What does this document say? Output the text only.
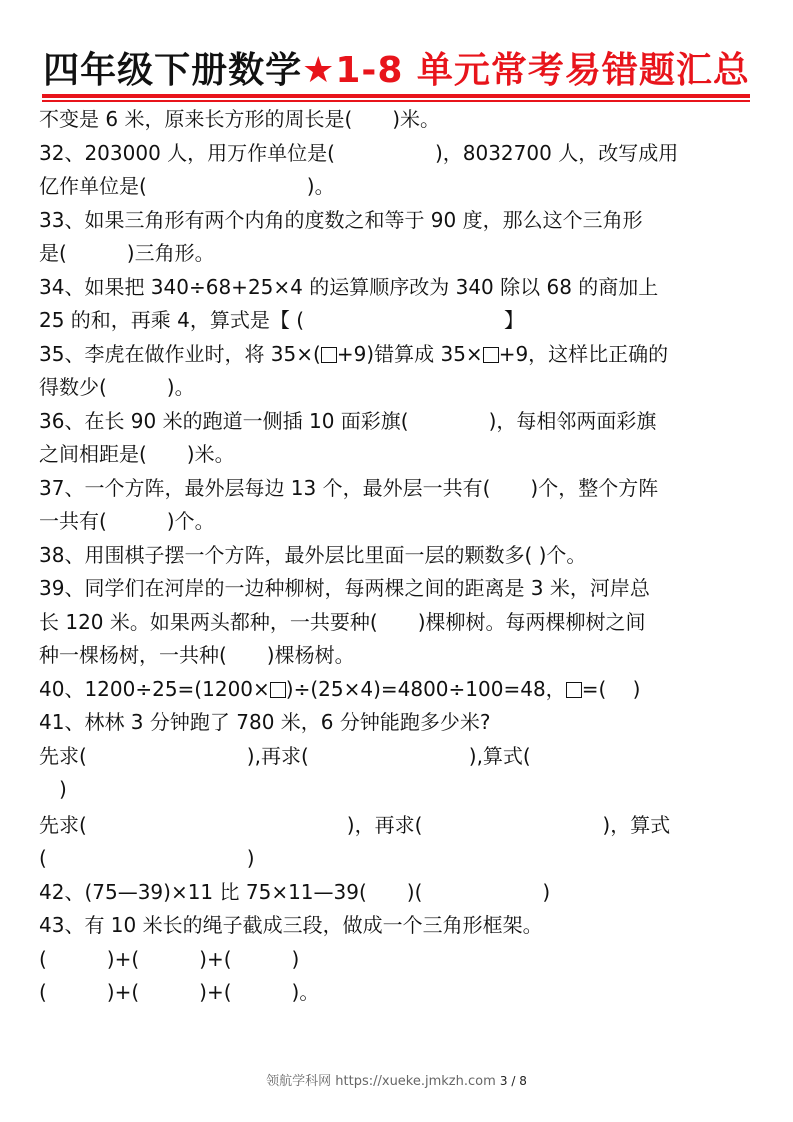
四年级下册数学★1-8 单元常考易错题汇总
不变是 6 米，原来长方形的周长是(　　)米。
32、203000 人，用万作单位是(　　　　　)，8032700 人，改写成用
亿作单位是(　　　　　　　　)。
33、如果三角形有两个内角的度数之和等于 90 度，那么这个三角形
是(　　　)三角形。
34、如果把 340÷68+25×4 的运算顺序改为 340 除以 68 的商加上
25 的和，再乘 4，算式是【 (　　　　　　　　　　】
35、李虎在做作业时，将 35×( +9)错算成 35× +9，这样比正确的
得数少(　　　)。
36、在长 90 米的跑道一侧插 10 面彩旗(　　　　)，每相邻两面彩旗
之间相距是(　　)米。
37、一个方阵，最外层每边 13 个，最外层一共有(　　)个，整个方阵
一共有(　　　)个。
38、用围棋子摆一个方阵，最外层比里面一层的颗数多( )个。
39、同学们在河岸的一边种柳树，每两棵之间的距离是 3 米，河岸总
长 120 米。如果两头都种，一共要种(　　)棵柳树。每两棵柳树之间
种一棵杨树，一共种(　　)棵杨树。
40、1200÷25=(1200× )÷(25×4)=4800÷100=48， =(　 )
41、林林 3 分钟跑了 780 米，6 分钟能跑多少米?
先求(　　　　　　　　),再求(　　　　　　　　),算式(
　)
先求(　　　　　　　　　　　　　)，再求(　　　　　　　　　)，算式
(　　　　　　　　　　)
42、(75—39)×11 比 75×11—39(　　)(　　　　　　)
43、有 10 米长的绳子截成三段，做成一个三角形框架。
(　　　)+(　　　)+(　　　)
(　　　)+(　　　)+(　　　)。
领航学科网 https://xueke.jmkzh.com 3 / 8
